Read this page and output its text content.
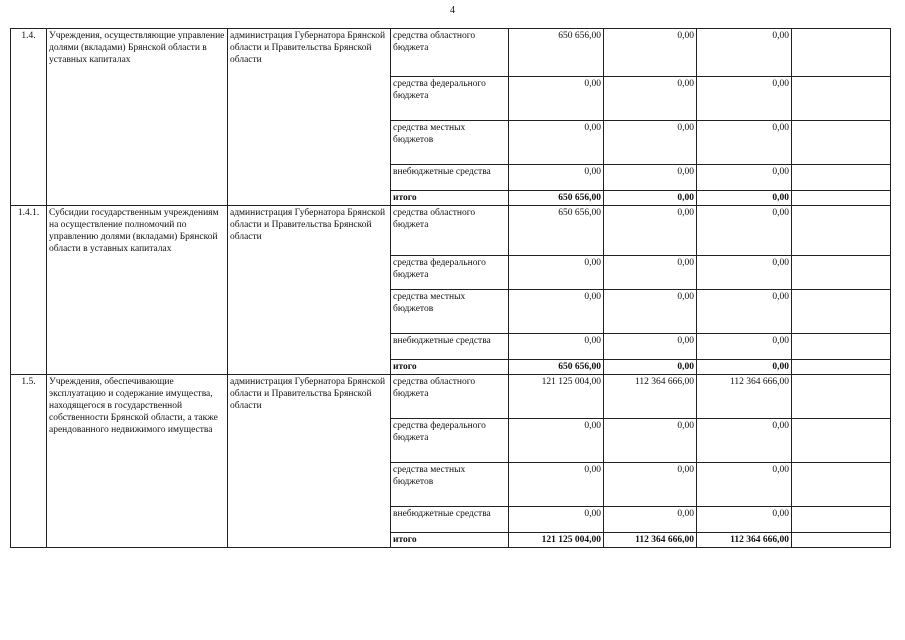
4
1.4.	Учреждения, осуществляющие управление долями (вкладами) Брянской области в уставных капиталах	администрация Губернатора Брянской области и Правительства Брянской области	средства областного бюджета	650 656,00	0,00	0,00	
			средства федерального бюджета	0,00	0,00	0,00	
			средства местных бюджетов	0,00	0,00	0,00	
			внебюджетные средства	0,00	0,00	0,00	
			итого	650 656,00	0,00	0,00	
1.4.1.	Субсидии государственным учреждениям на осуществление полномочий по управлению долями (вкладами) Брянской области в уставных капиталах	администрация Губернатора Брянской области и Правительства Брянской области	средства областного бюджета	650 656,00	0,00	0,00	
			средства федерального бюджета	0,00	0,00	0,00	
			средства местных бюджетов	0,00	0,00	0,00	
			внебюджетные средства	0,00	0,00	0,00	
			итого	650 656,00	0,00	0,00	
1.5.	Учреждения, обеспечивающие эксплуатацию и содержание имущества, находящегося в государственной собственности Брянской области, а также арендованного недвижимого имущества	администрация Губернатора Брянской области и Правительства Брянской области	средства областного бюджета	121 125 004,00	112 364 666,00	112 364 666,00	
			средства федерального бюджета	0,00	0,00	0,00	
			средства местных бюджетов	0,00	0,00	0,00	
			внебюджетные средства	0,00	0,00	0,00	
			итого	121 125 004,00	112 364 666,00	112 364 666,00	
